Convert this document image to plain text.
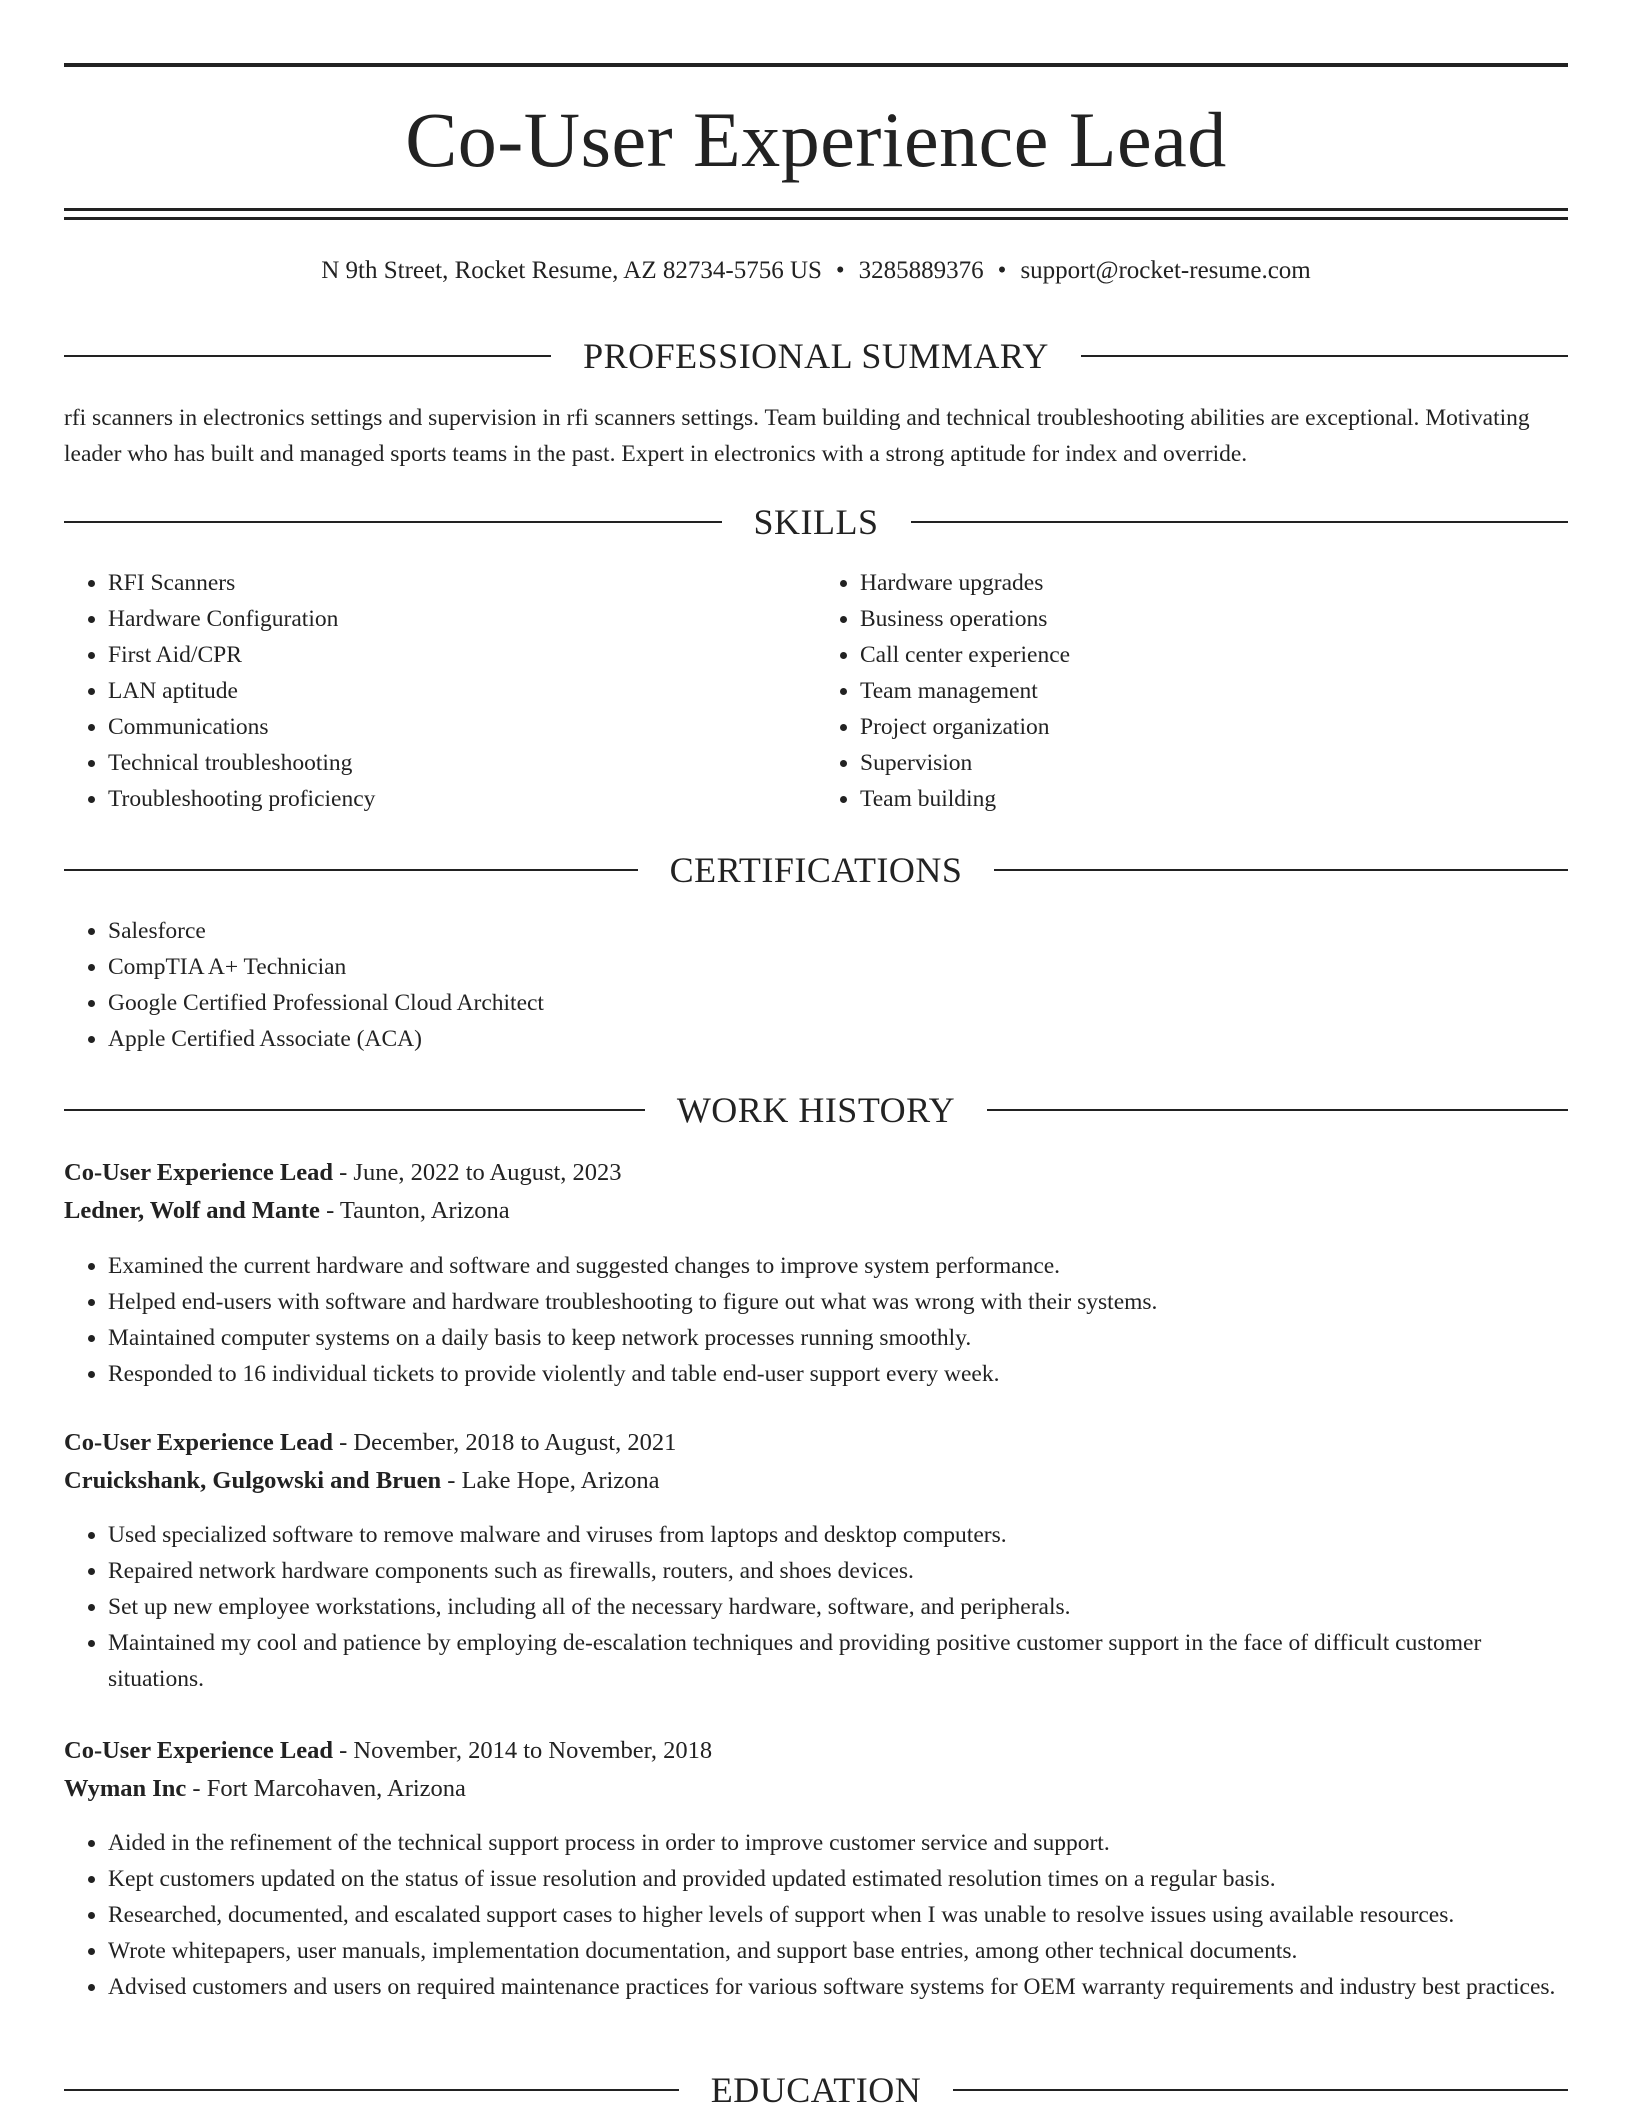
Co-User Experience Lead
N 9th Street, Rocket Resume, AZ 82734-5756 US • 3285889376 • support@rocket-resume.com
PROFESSIONAL SUMMARY
rfi scanners in electronics settings and supervision in rfi scanners settings. Team building and technical troubleshooting abilities are exceptional. Motivating leader who has built and managed sports teams in the past. Expert in electronics with a strong aptitude for index and override.
SKILLS
• RFI Scanners
• Hardware Configuration
• First Aid/CPR
• LAN aptitude
• Communications
• Technical troubleshooting
• Troubleshooting proficiency
• Hardware upgrades
• Business operations
• Call center experience
• Team management
• Project organization
• Supervision
• Team building
CERTIFICATIONS
• Salesforce
• CompTIA A+ Technician
• Google Certified Professional Cloud Architect
• Apple Certified Associate (ACA)
WORK HISTORY
Co-User Experience Lead - June, 2022 to August, 2023
Ledner, Wolf and Mante - Taunton, Arizona
• Examined the current hardware and software and suggested changes to improve system performance.
• Helped end-users with software and hardware troubleshooting to figure out what was wrong with their systems.
• Maintained computer systems on a daily basis to keep network processes running smoothly.
• Responded to 16 individual tickets to provide violently and table end-user support every week.
Co-User Experience Lead - December, 2018 to August, 2021
Cruickshank, Gulgowski and Bruen - Lake Hope, Arizona
• Used specialized software to remove malware and viruses from laptops and desktop computers.
• Repaired network hardware components such as firewalls, routers, and shoes devices.
• Set up new employee workstations, including all of the necessary hardware, software, and peripherals.
• Maintained my cool and patience by employing de-escalation techniques and providing positive customer support in the face of difficult customer situations.
Co-User Experience Lead - November, 2014 to November, 2018
Wyman Inc - Fort Marcohaven, Arizona
• Aided in the refinement of the technical support process in order to improve customer service and support.
• Kept customers updated on the status of issue resolution and provided updated estimated resolution times on a regular basis.
• Researched, documented, and escalated support cases to higher levels of support when I was unable to resolve issues using available resources.
• Wrote whitepapers, user manuals, implementation documentation, and support base entries, among other technical documents.
• Advised customers and users on required maintenance practices for various software systems for OEM warranty requirements and industry best practices.
EDUCATION
